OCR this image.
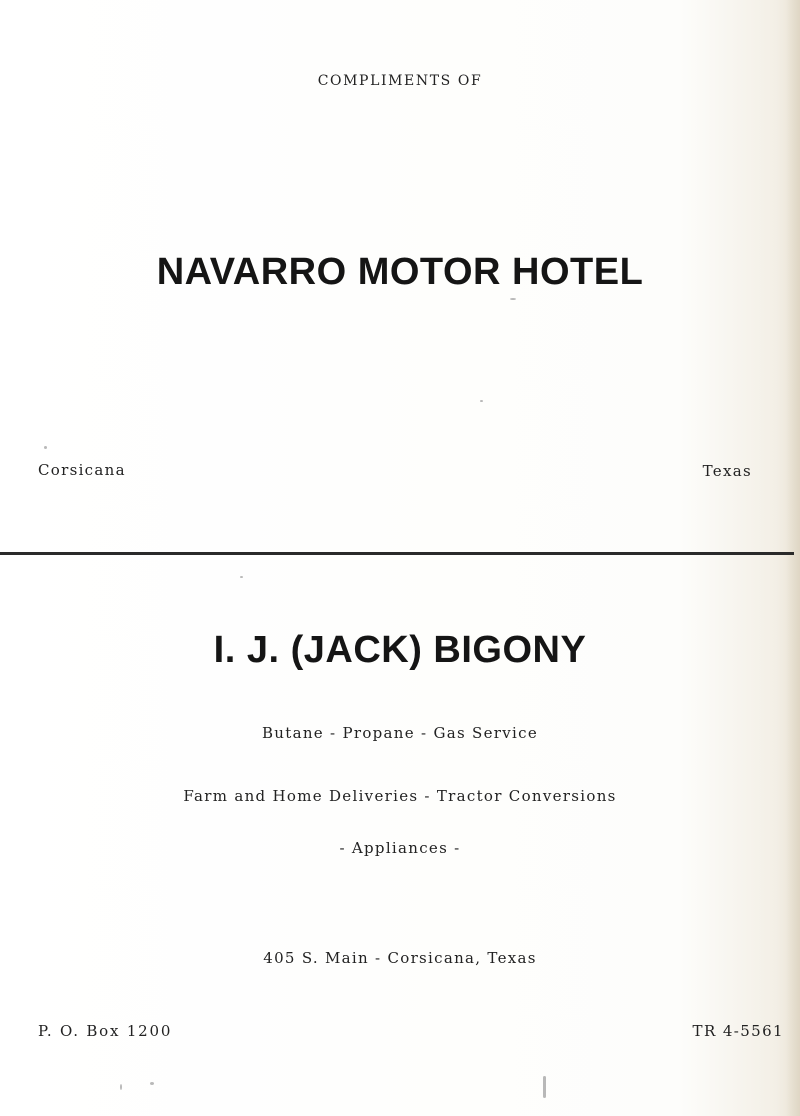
COMPLIMENTS OF
NAVARRO MOTOR HOTEL
Corsicana	Texas
I. J. (JACK) BIGONY
Butane - Propane - Gas Service
Farm and Home Deliveries - Tractor Conversions
- Appliances -
405 S. Main - Corsicana, Texas
P. O. Box 1200	TR 4-5561
